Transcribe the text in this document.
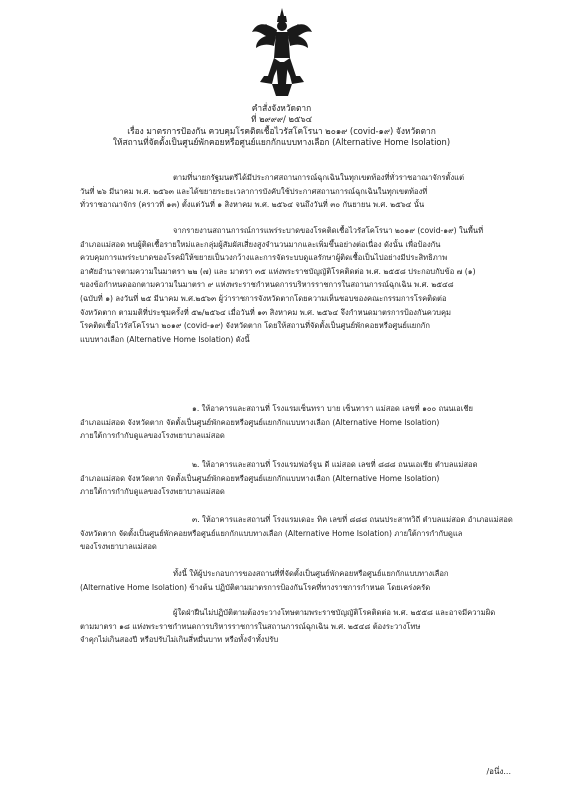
คำสั่งจังหวัดตาก
ที่ ๒๙๙๙/ ๒๕๖๔
เรื่อง มาตรการป้องกัน ควบคุมโรคติดเชื้อไวรัสโคโรนา ๒๐๑๙ (covid-๑๙) จังหวัดตาก
ให้สถานที่จัดตั้งเป็นศูนย์พักคอยหรือศูนย์แยกกักแบบทางเลือก (Alternative Home Isolation)

ตามที่นายกรัฐมนตรีได้มีประกาศสถานการณ์ฉุกเฉินในทุกเขตท้องที่ทั่วราชอาณาจักรตั้งแต่

วันที่ ๒๖ มีนาคม พ.ศ. ๒๕๖๓ และได้ขยายระยะเวลาการบังคับใช้ประกาศสถานการณ์ฉุกเฉินในทุกเขตท้องที่

ทั่วราชอาณาจักร (คราวที่ ๑๓) ตั้งแต่วันที่ ๑ สิงหาคม พ.ศ. ๒๕๖๔ จนถึงวันที่ ๓๐ กันยายน พ.ศ. ๒๕๖๔ นั้น

จากรายงานสถานการณ์การแพร่ระบาดของโรคติดเชื้อไวรัสโคโรนา ๒๐๑๙ (covid-๑๙) ในพื้นที่

อำเภอแม่สอด พบผู้ติดเชื้อรายใหม่และกลุ่มผู้สัมผัสเสี่ยงสูงจำนวนมากและเพิ่มขึ้นอย่างต่อเนื่อง ดังนั้น เพื่อป้องกัน

ควบคุมการแพร่ระบาดของโรคมิให้ขยายเป็นวงกว้างและการจัดระบบดูแลรักษาผู้ติดเชื้อเป็นไปอย่างมีประสิทธิภาพ

อาศัยอำนาจตามความในมาตรา ๒๒ (๗) และ มาตรา ๓๕ แห่งพระราชบัญญัติโรคติดต่อ พ.ศ. ๒๕๕๘ ประกอบกับข้อ ๗ (๑)

ของข้อกำหนดออกตามความในมาตรา ๙ แห่งพระราชกำหนดการบริหารราชการในสถานการณ์ฉุกเฉิน พ.ศ. ๒๕๔๘

(ฉบับที่ ๑) ลงวันที่ ๒๕ มีนาคม พ.ศ.๒๕๖๓ ผู้ว่าราชการจังหวัดตากโดยความเห็นชอบของคณะกรรมการโรคติดต่อ

จังหวัดตาก ตามมติที่ประชุมครั้งที่ ๕๒/๒๕๖๔ เมื่อวันที่ ๑๓ สิงหาคม พ.ศ. ๒๕๖๔ จึงกำหนดมาตรการป้องกันควบคุม

โรคติดเชื้อไวรัสโคโรนา ๒๐๑๙ (covid-๑๙) จังหวัดตาก โดยให้สถานที่จัดตั้งเป็นศูนย์พักคอยหรือศูนย์แยกกัก

แบบทางเลือก (Alternative Home Isolation) ดังนี้

๑. ให้อาคารและสถานที่ โรงแรมเซ็นทรา บาย เซ็นทารา แม่สอด เลขที่ ๑๐๐ ถนนเอเชีย

อำเภอแม่สอด จังหวัดตาก จัดตั้งเป็นศูนย์พักคอยหรือศูนย์แยกกักแบบทางเลือก (Alternative Home Isolation)

ภายใต้การกำกับดูแลของโรงพยาบาลแม่สอด

๒. ให้อาคารและสถานที่ โรงแรมฟอร์จูน ดี แม่สอด เลขที่ ๘๘๘ ถนนเอเชีย ตำบลแม่สอด

อำเภอแม่สอด จังหวัดตาก จัดตั้งเป็นศูนย์พักคอยหรือศูนย์แยกกักแบบทางเลือก (Alternative Home Isolation)

ภายใต้การกำกับดูแลของโรงพยาบาลแม่สอด

๓. ให้อาคารและสถานที่ โรงแรมเดอะ ทิค เลขที่ ๘๘๘ ถนนประสาทวิถี ตำบลแม่สอด อำเภอแม่สอด

จังหวัดตาก จัดตั้งเป็นศูนย์พักคอยหรือศูนย์แยกกักแบบทางเลือก (Alternative Home Isolation) ภายใต้การกำกับดูแล

ของโรงพยาบาลแม่สอด

ทั้งนี้ ให้ผู้ประกอบการของสถานที่ที่จัดตั้งเป็นศูนย์พักคอยหรือศูนย์แยกกักแบบทางเลือก

(Alternative Home Isolation) ข้างต้น ปฏิบัติตามมาตรการป้องกันโรคที่ทางราชการกำหนด โดยเคร่งครัด

ผู้ใดฝ่าฝืนไม่ปฏิบัติตามต้องระวางโทษตามพระราชบัญญัติโรคติดต่อ พ.ศ. ๒๕๕๘ และอาจมีความผิด

ตามมาตรา ๑๘ แห่งพระราชกำหนดการบริหารราชการในสถานการณ์ฉุกเฉิน พ.ศ. ๒๕๔๘ ต้องระวางโทษ

จำคุกไม่เกินสองปี หรือปรับไม่เกินสี่หมื่นบาท หรือทั้งจำทั้งปรับ

/อนึ่ง...
